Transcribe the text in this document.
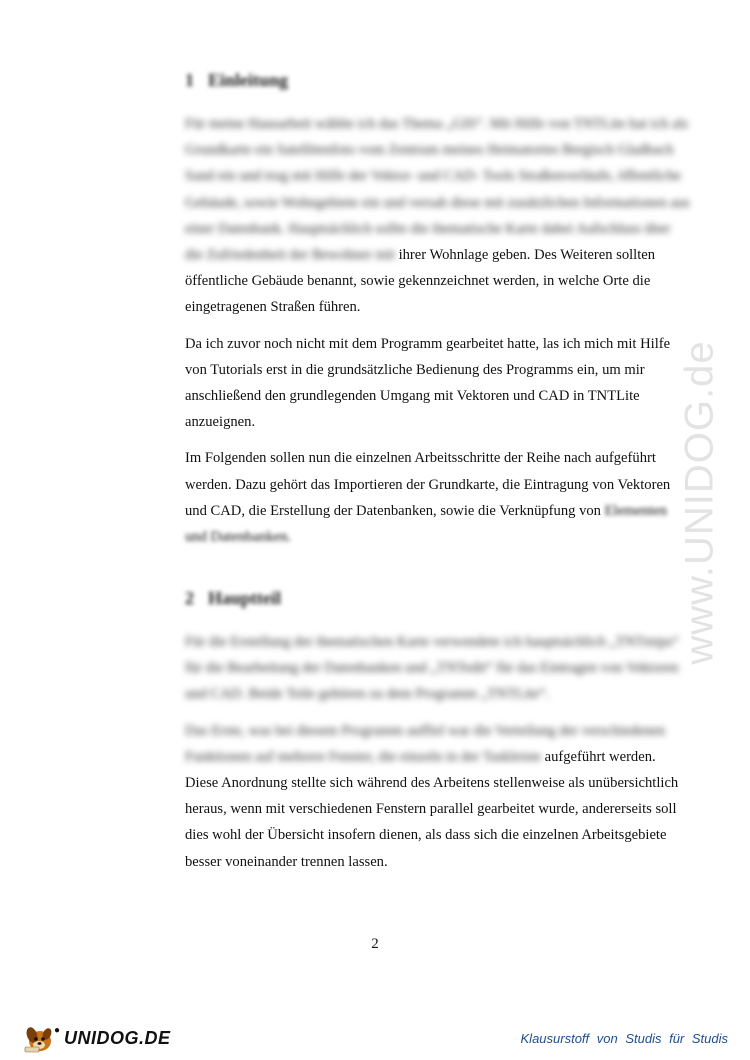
www.UNIDOG.de
1 Einleitung

Für meine Hausarbeit wählte ich das Thema „GIS“. Mit Hilfe von TNTLite hat ich als Grundkarte ein Satellitenfoto vom Zentrum meines Heimatortes Bergisch Gladbach Sand ein und trug mit Hilfe der Vektor- und CAD- Tools Straßenverläufe, öffentliche Gebäude, sowie Wohngebiete ein und versah diese mit zusätzlichen Informationen aus einer Datenbank. Hauptsächlich sollte die thematische Karte dabei Aufschluss über die Zufriedenheit der Bewohner mit ihrer Wohnlage geben. Des Weiteren sollten öffentliche Gebäude benannt, sowie gekennzeichnet werden, in welche Orte die eingetragenen Straßen führen.

Da ich zuvor noch nicht mit dem Programm gearbeitet hatte, las ich mich mit Hilfe von Tutorials erst in die grundsätzliche Bedienung des Programms ein, um mir anschließend den grundlegenden Umgang mit Vektoren und CAD in TNTLite anzueignen.

Im Folgenden sollen nun die einzelnen Arbeitsschritte der Reihe nach aufgeführt werden. Dazu gehört das Importieren der Grundkarte, die Eintragung von Vektoren und CAD, die Erstellung der Datenbanken, sowie die Verknüpfung von Elementen und Datenbanken.

2 Hauptteil

Für die Erstellung der thematischen Karte verwendete ich hauptsächlich „TNTmips“ für die Bearbeitung der Datenbanken und „TNTedit“ für das Eintragen von Vektoren und CAD. Beide Teile gehören zu dem Programm „TNTLite“.

Das Erste, was bei diesem Programm auffiel war die Verteilung der verschiedenen Funktionen auf mehrere Fenster, die einzeln in der Taskleiste aufgeführt werden. Diese Anordnung stellte sich während des Arbeitens stellenweise als unübersichtlich heraus, wenn mit verschiedenen Fenstern parallel gearbeitet wurde, andererseits soll dies wohl der Übersicht insofern dienen, als dass sich die einzelnen Arbeitsgebiete besser voneinander trennen lassen.

2
● UNIDOG.DE	Klausurstoff von Studis für Studis
